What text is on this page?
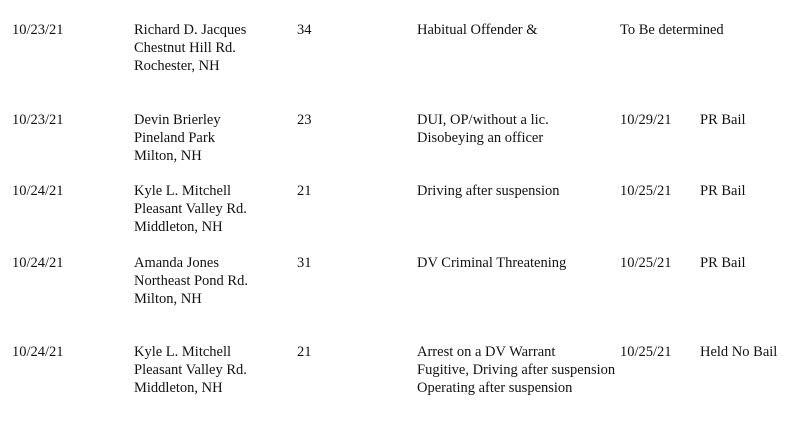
10/23/21	Richard D. Jacques
Chestnut Hill Rd.
Rochester, NH
34	Habitual Offender &	To Be determined
10/23/21	Devin Brierley
Pineland Park
Milton, NH
23	DUI, OP/without a lic.
Disobeying an officer
10/29/21 PR Bail
10/24/21	Kyle L. Mitchell
Pleasant Valley Rd.
Middleton, NH
21	Driving after suspension	10/25/21 PR Bail
10/24/21	Amanda Jones
Northeast Pond Rd.
Milton, NH
31	DV Criminal Threatening	10/25/21 PR Bail
10/24/21	Kyle L. Mitchell
Pleasant Valley Rd.
Middleton, NH
21	Arrest on a DV Warrant
Fugitive, Driving after suspension
Operating after suspension
10/25/21 Held No Bail
